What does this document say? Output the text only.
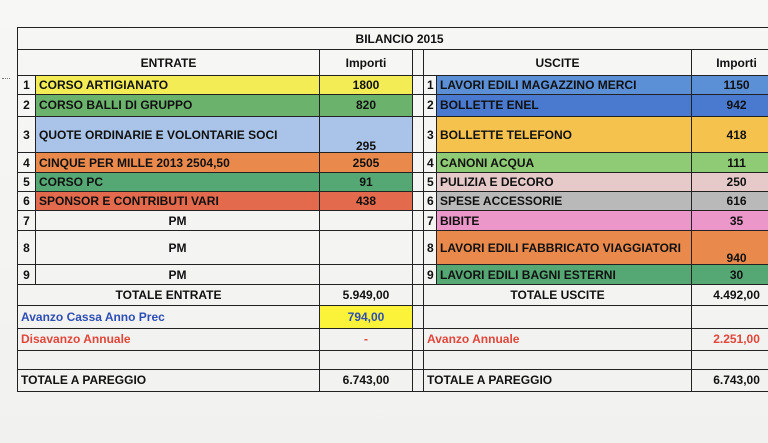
BILANCIO 2015						
ENTRATE		Importi		USCITE		Importi
1	CORSO ARTIGIANATO	1800		1	LAVORI EDILI MAGAZZINO MERCI	1150
2	CORSO BALLI DI GRUPPO	820		2	BOLLETTE ENEL	942
3	QUOTE ORDINARIE E VOLONTARIE SOCI	295		3	BOLLETTE TELEFONO	418
4	CINQUE PER MILLE 2013 2504,50	2505		4	CANONI ACQUA	111
5	CORSO PC	91		5	PULIZIA E DECORO	250
6	SPONSOR E CONTRIBUTI VARI	438		6	SPESE ACCESSORIE	616
7	PM			7	BIBITE	35
8	PM			8	LAVORI EDILI FABBRICATO VIAGGIATORI	940
9	PM			9	LAVORI EDILI BAGNI ESTERNI	30
TOTALE ENTRATE		5.949,00		TOTALE USCITE		4.492,00
Avanzo Cassa Anno Prec		794,00				
Disavanzo Annuale		-		Avanzo Annuale		2.251,00

TOTALE A PAREGGIO		6.743,00		TOTALE A PAREGGIO		6.743,00
